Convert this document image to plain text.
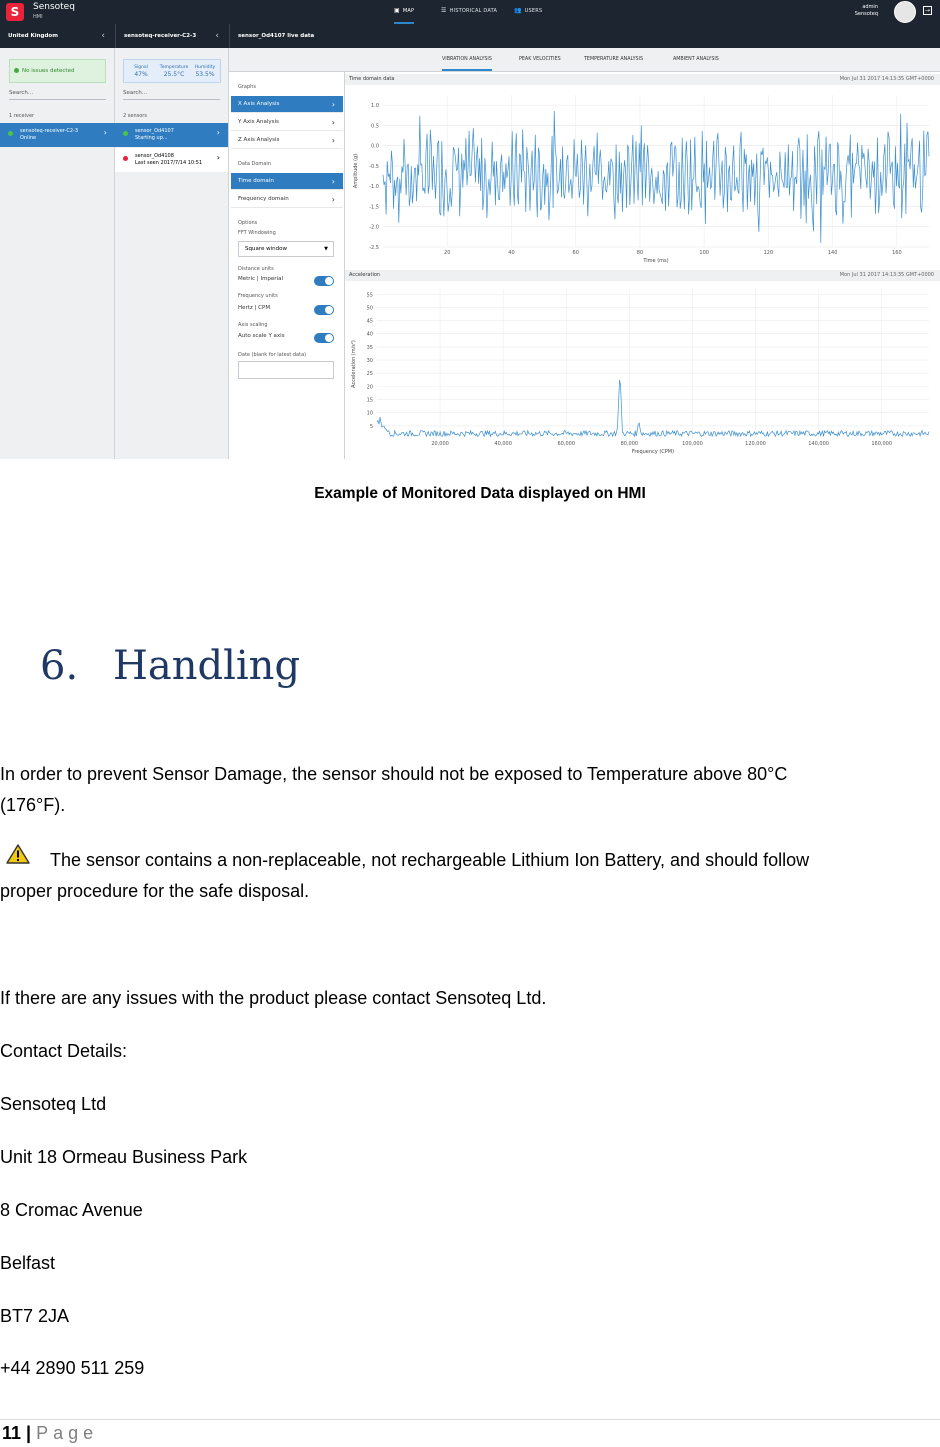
S	Sensoteq
HMI
▣ MAP	☰ HISTORICAL DATA	👥 USERS
admin
Sensoteq	→
United Kingdom	‹	sensoteq-receiver-C2-3 ‹	sensor_Od4107 live data
No issues detected
Search...
1 receiver
sensoteq-receiver-C2-3
Online
›
Signal
47%
Temperature
25.5°C
Humidity
53.5%
Search...
2 sensors
sensor_Od4107
Starting up...
›
sensor_Od4108
Last seen 2017/7/14 10:51
›
VIBRATION ANALYSIS	PEAK VELOCITIES	TEMPERATURE ANALYSIS	AMBIENT ANALYSIS
Graphs
X Axis Analysis	›
Y Axis Analysis	›
Z Axis Analysis	›
Data Domain
Time domain	›
Frequency domain	›
Options
FFT Windowing
Square window	▼
Distance units
Metric | Imperial
Frequency units
Hertz | CPM
Axis scaling
Auto scale Y axis
Date (blank for latest data)
Time domain data	Mon Jul 31 2017 14:13:35 GMT+0000
1.0
0.5
0.0
-0.5
-1.0
-1.5
-2.0
-2.5
20	40	60	80	100	120	140	160
Time (ms)
Amplitude (g)
Acceleration	Mon Jul 31 2017 14:13:35 GMT+0000
55
50
45
40
35
30
25
20
15
10
5
20,000	40,000	60,000	80,000	100,000	120,000	140,000	160,000
Frequency (CPM)
Acceleration (m/s²)
Example of Monitored Data displayed on HMI
6. Handling
In order to prevent Sensor Damage, the sensor should not be exposed to Temperature above 80°C
(176°F).
The sensor contains a non-replaceable, not rechargeable Lithium Ion Battery, and should follow
proper procedure for the safe disposal.
If there are any issues with the product please contact Sensoteq Ltd.
Contact Details:
Sensoteq Ltd
Unit 18 Ormeau Business Park
8 Cromac Avenue
Belfast
BT7 2JA
+44 2890 511 259
11 | Page
